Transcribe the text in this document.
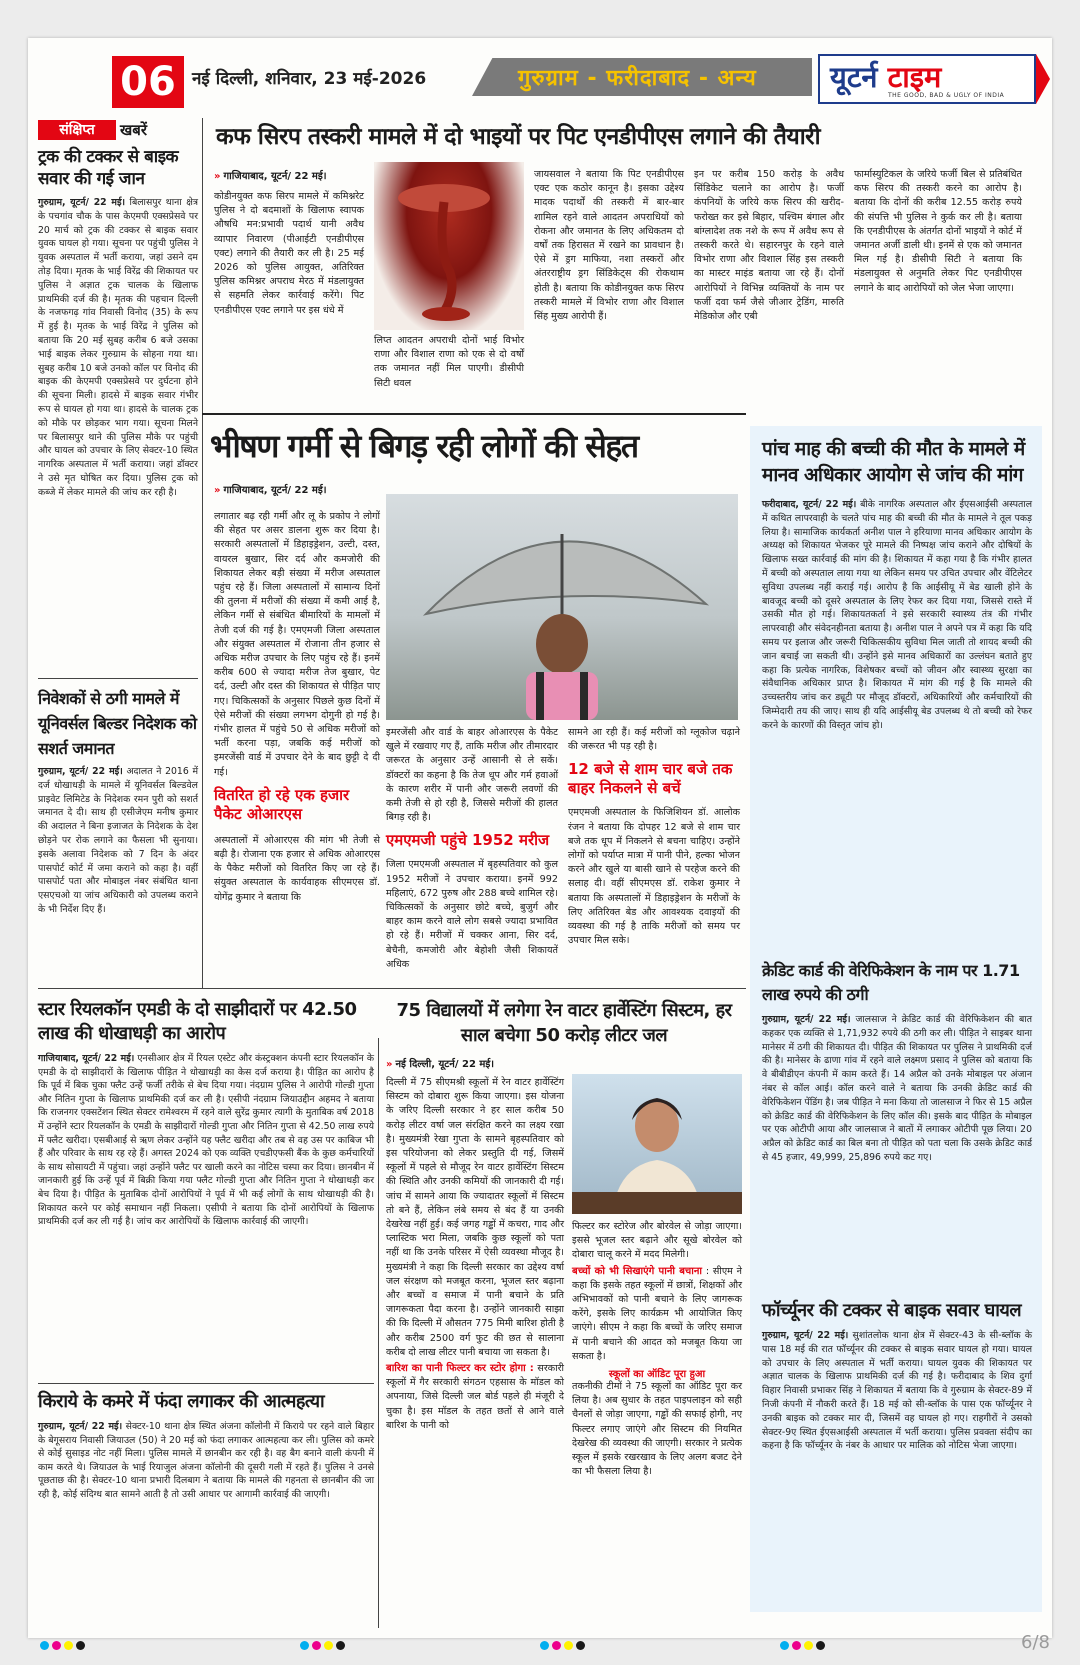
06 नई दिल्ली, शनिवार, 23 मई-2026	गुरुग्राम - फरीदाबाद - अन्य	यूटर्न टाइम
THE GOOD, BAD & UGLY OF INDIA
संक्षिप्त	खबरें
ट्रक की टक्कर से बाइक सवार की गई जान

गुरुग्राम, यूटर्न/ 22 मई। बिलासपुर थाना क्षेत्र के पचगांव चौक के पास केएमपी एक्सप्रेसवे पर 20 मार्च को ट्रक की टक्कर से बाइक सवार युवक घायल हो गया। सूचना पर पहुंची पुलिस ने युवक अस्पताल में भर्ती कराया, जहां उसने दम तोड़ दिया। मृतक के भाई विरेंद्र की शिकायत पर पुलिस ने अज्ञात ट्रक चालक के खिलाफ प्राथमिकी दर्ज की है। मृतक की पहचान दिल्ली के नजफगढ़ गांव निवासी विनोद (35) के रूप में हुई है। मृतक के भाई विरेंद्र ने पुलिस को बताया कि 20 मई सुबह करीब 6 बजे उसका भाई बाइक लेकर गुरुग्राम के सोहना गया था। सुबह करीब 10 बजे उनको कॉल पर विनोद की बाइक की केएमपी एक्सप्रेसवे पर दुर्घटना होने की सूचना मिली। हादसे में बाइक सवार गंभीर रूप से घायल हो गया था। हादसे के चालक ट्रक को मौके पर छोड़कर भाग गया। सूचना मिलने पर बिलासपुर थाने की पुलिस मौके पर पहुंची और घायल को उपचार के लिए सेक्टर-10 स्थित नागरिक अस्पताल में भर्ती कराया। जहां डॉक्टर ने उसे मृत घोषित कर दिया। पुलिस ट्रक को कब्जे में लेकर मामले की जांच कर रही है।

निवेशकों से ठगी मामले में यूनिवर्सल बिल्डर निदेशक को सशर्त जमानत

गुरुग्राम, यूटर्न/ 22 मई। अदालत ने 2016 में दर्ज धोखाधड़ी के मामले में यूनिवर्सल बिल्डवेल प्राइवेट लिमिटेड के निदेशक रमन पुरी को सशर्त जमानत दे दी। साथ ही एसीजेएम मनीष कुमार की अदालत ने बिना इजाजत के निदेशक के देश छोड़ने पर रोक लगाने का फैसला भी सुनाया। इसके अलावा निदेशक को 7 दिन के अंदर पासपोर्ट कोर्ट में जमा कराने को कहा है। वहीं पासपोर्ट पता और मोबाइल नंबर संबंधित थाना एसएचओ या जांच अधिकारी को उपलब्ध कराने के भी निर्देश दिए हैं।

कफ सिरप तस्करी मामले में दो भाइयों पर पिट एनडीपीएस लगाने की तैयारी
» गाजियाबाद, यूटर्न/ 22 मई।

कोडीनयुक्त कफ सिरप मामले में कमिश्नरेट पुलिस ने दो बदमाशों के खिलाफ स्वापक औषधि मन:प्रभावी पदार्थ यानी अवैध व्यापार निवारण (पीआईटी एनडीपीएस एक्ट) लगाने की तैयारी कर ली है। 25 मई 2026 को पुलिस आयुक्त, अतिरिक्त पुलिस कमिश्नर अपराध मेरठ में मंडलायुक्त से सहमति लेकर कार्रवाई करेंगे। पिट एनडीपीएस एक्ट लगाने पर इस धंधे में

लिप्त आदतन अपराधी दोनों भाई विभोर राणा और विशाल राणा को एक से दो वर्षों तक जमानत नहीं मिल पाएगी। डीसीपी सिटी धवल

जायसवाल ने बताया कि पिट एनडीपीएस एक्ट एक कठोर कानून है। इसका उद्देश्य मादक पदार्थों की तस्करी में बार-बार शामिल रहने वाले आदतन अपराधियों को रोकना और जमानत के लिए अधिकतम दो वर्षों तक हिरासत में रखने का प्रावधान है। ऐसे में ड्रग माफिया, नशा तस्करों और अंतरराष्ट्रीय ड्रग सिंडिकेट्स की रोकथाम होती है। बताया कि कोडीनयुक्त कफ सिरप तस्करी मामले में विभोर राणा और विशाल सिंह मुख्य आरोपी हैं।

इन पर करीब 150 करोड़ के अवैध सिंडिकेट चलाने का आरोप है। फर्जी कंपनियों के जरिये कफ सिरप की खरीद-फरोख्त कर इसे बिहार, पश्चिम बंगाल और बांग्लादेश तक नशे के रूप में अवैध रूप से तस्करी करते थे। सहारनपुर के रहने वाले विभोर राणा और विशाल सिंह इस तस्करी का मास्टर माइंड बताया जा रहे हैं। दोनों आरोपियों ने विभिन्न व्यक्तियों के नाम पर फर्जी दवा फर्म जैसे जीआर ट्रेडिंग, मारुति मेडिकोज और एबी

फार्मास्युटिकल के जरिये फर्जी बिल से प्रतिबंधित कफ सिरप की तस्करी करने का आरोप है। बताया कि दोनों की करीब 12.55 करोड़ रुपये की संपत्ति भी पुलिस ने कुर्क कर ली है। बताया कि एनडीपीएस के अंतर्गत दोनों भाइयों ने कोर्ट में जमानत अर्जी डाली थी। इनमें से एक को जमानत मिल गई है। डीसीपी सिटी ने बताया कि मंडलायुक्त से अनुमति लेकर पिट एनडीपीएस लगाने के बाद आरोपियों को जेल भेजा जाएगा।

भीषण गर्मी से बिगड़ रही लोगों की सेहत
» गाजियाबाद, यूटर्न/ 22 मई।

लगातार बढ़ रही गर्मी और लू के प्रकोप ने लोगों की सेहत पर असर डालना शुरू कर दिया है। सरकारी अस्पतालों में डिहाइड्रेशन, उल्टी, दस्त, वायरल बुखार, सिर दर्द और कमजोरी की शिकायत लेकर बड़ी संख्या में मरीज अस्पताल पहुंच रहे हैं। जिला अस्पतालों में सामान्य दिनों की तुलना में मरीजों की संख्या में कमी आई है, लेकिन गर्मी से संबंधित बीमारियों के मामलों में तेजी दर्ज की गई है। एमएमजी जिला अस्पताल और संयुक्त अस्पताल में रोजाना तीन हजार से अधिक मरीज उपचार के लिए पहुंच रहे हैं। इनमें करीब 600 से ज्यादा मरीज तेज बुखार, पेट दर्द, उल्टी और दस्त की शिकायत से पीड़ित पाए गए। चिकित्सकों के अनुसार पिछले कुछ दिनों में ऐसे मरीजों की संख्या लगभग दोगुनी हो गई है। गंभीर हालत में पहुंचे 50 से अधिक मरीजों को भर्ती करना पड़ा, जबकि कई मरीजों को इमरजेंसी वार्ड में उपचार देने के बाद छुट्टी दे दी गई।

वितरित हो रहे एक हजार पैकेट ओआरएस

अस्पतालों में ओआरएस की मांग भी तेजी से बढ़ी है। रोजाना एक हजार से अधिक ओआरएस के पैकेट मरीजों को वितरित किए जा रहे हैं। संयुक्त अस्पताल के कार्यवाहक सीएमएस डॉ. योगेंद्र कुमार ने बताया कि

इमरजेंसी और वार्ड के बाहर ओआरएस के पैकेट खुले में रखवाए गए हैं, ताकि मरीज और तीमारदार जरूरत के अनुसार उन्हें आसानी से ले सकें। डॉक्टरों का कहना है कि तेज धूप और गर्म हवाओं के कारण शरीर में पानी और जरूरी लवणों की कमी तेजी से हो रही है, जिससे मरीजों की हालत बिगड़ रही है।

एमएमजी पहुंचे 1952 मरीज

जिला एमएमजी अस्पताल में बृहस्पतिवार को कुल 1952 मरीजों ने उपचार कराया। इनमें 992 महिलाएं, 672 पुरुष और 288 बच्चे शामिल रहे। चिकित्सकों के अनुसार छोटे बच्चे, बुजुर्ग और बाहर काम करने वाले लोग सबसे ज्यादा प्रभावित हो रहे हैं। मरीजों में चक्कर आना, सिर दर्द, बेचैनी, कमजोरी और बेहोशी जैसी शिकायतें अधिक

सामने आ रही हैं। कई मरीजों को ग्लूकोज चढ़ाने की जरूरत भी पड़ रही है।

12 बजे से शाम चार बजे तक बाहर निकलने से बचें

एमएमजी अस्पताल के फिजिशियन डॉ. आलोक रंजन ने बताया कि दोपहर 12 बजे से शाम चार बजे तक धूप में निकलने से बचना चाहिए। उन्होंने लोगों को पर्याप्त मात्रा में पानी पीने, हल्का भोजन करने और खुले या बासी खाने से परहेज करने की सलाह दी। वहीं सीएमएस डॉ. राकेश कुमार ने बताया कि अस्पतालों में डिहाइड्रेशन के मरीजों के लिए अतिरिक्त बेड और आवश्यक दवाइयों की व्यवस्था की गई है ताकि मरीजों को समय पर उपचार मिल सके।

पांच माह की बच्ची की मौत के मामले में मानव अधिकार आयोग से जांच की मांग

फरीदाबाद, यूटर्न/ 22 मई। बीके नागरिक अस्पताल और ईएसआईसी अस्पताल में कथित लापरवाही के चलते पांच माह की बच्ची की मौत के मामले ने तूल पकड़ लिया है। सामाजिक कार्यकर्ता अनीश पाल ने हरियाणा मानव अधिकार आयोग के अध्यक्ष को शिकायत भेजकर पूरे मामले की निष्पक्ष जांच कराने और दोषियों के खिलाफ सख्त कार्रवाई की मांग की है। शिकायत में कहा गया है कि गंभीर हालत में बच्ची को अस्पताल लाया गया था लेकिन समय पर उचित उपचार और वेंटिलेटर सुविधा उपलब्ध नहीं कराई गई। आरोप है कि आईसीयू में बेड खाली होने के बावजूद बच्ची को दूसरे अस्पताल के लिए रेफर कर दिया गया, जिससे रास्ते में उसकी मौत हो गई। शिकायतकर्ता ने इसे सरकारी स्वास्थ्य तंत्र की गंभीर लापरवाही और संवेदनहीनता बताया है। अनीश पाल ने अपने पत्र में कहा कि यदि समय पर इलाज और जरूरी चिकित्सकीय सुविधा मिल जाती तो शायद बच्ची की जान बचाई जा सकती थी। उन्होंने इसे मानव अधिकारों का उल्लंघन बताते हुए कहा कि प्रत्येक नागरिक, विशेषकर बच्चों को जीवन और स्वास्थ्य सुरक्षा का संवैधानिक अधिकार प्राप्त है। शिकायत में मांग की गई है कि मामले की उच्चस्तरीय जांच कर ड्यूटी पर मौजूद डॉक्टरों, अधिकारियों और कर्मचारियों की जिम्मेदारी तय की जाए। साथ ही यदि आईसीयू बेड उपलब्ध थे तो बच्ची को रेफर करने के कारणों की विस्तृत जांच हो।

क्रेडिट कार्ड की वेरिफिकेशन के नाम पर 1.71 लाख रुपये की ठगी

गुरुग्राम, यूटर्न/ 22 मई। जालसाज ने क्रेडिट कार्ड की वेरिफिकेशन की बात कहकर एक व्यक्ति से 1,71,932 रुपये की ठगी कर ली। पीड़ित ने साइबर थाना मानेसर में ठगी की शिकायत दी। पीड़ित की शिकायत पर पुलिस ने प्राथमिकी दर्ज की है। मानेसर के ढाणा गांव में रहने वाले लक्ष्मण प्रसाद ने पुलिस को बताया कि वे बीबीडीएन कंपनी में काम करते हैं। 14 अप्रैल को उनके मोबाइल पर अंजान नंबर से कॉल आई। कॉल करने वाले ने बताया कि उनकी क्रेडिट कार्ड की वेरिफिकेशन पेंडिंग है। जब पीड़ित ने मना किया तो जालसाज ने फिर से 15 अप्रैल को क्रेडिट कार्ड की वेरिफिकेशन के लिए कॉल की। इसके बाद पीड़ित के मोबाइल पर एक ओटीपी आया और जालसाज ने बातों में लगाकर ओटीपी पूछ लिया। 20 अप्रैल को क्रेडिट कार्ड का बिल बना तो पीड़ित को पता चला कि उसके क्रेडिट कार्ड से 45 हजार, 49,999, 25,896 रुपये कट गए।

फॉर्च्यूनर की टक्कर से बाइक सवार घायल

गुरुग्राम, यूटर्न/ 22 मई। सुशांतलोक थाना क्षेत्र में सेक्टर-43 के सी-ब्लॉक के पास 18 मई की रात फॉर्च्यूनर की टक्कर से बाइक सवार घायल हो गया। घायल को उपचार के लिए अस्पताल में भर्ती कराया। घायल युवक की शिकायत पर अज्ञात चालक के खिलाफ प्राथमिकी दर्ज की गई है। फरीदाबाद के शिव दुर्गा विहार निवासी प्रभाकर सिंह ने शिकायत में बताया कि वे गुरुग्राम के सेक्टर-89 में निजी कंपनी में नौकरी करते हैं। 18 मई को सी-ब्लॉक के पास एक फॉर्च्यूनर ने उनकी बाइक को टक्कर मार दी, जिसमें वह घायल हो गए। राहगीरों ने उसको सेक्टर-9ए स्थित ईएसआईसी अस्पताल में भर्ती कराया। पुलिस प्रवक्ता संदीप का कहना है कि फॉर्च्यूनर के नंबर के आधार पर मालिक को नोटिस भेजा जाएगा।

स्टार रियलकॉन एमडी के दो साझीदारों पर 42.50 लाख की धोखाधड़ी का आरोप

गाजियाबाद, यूटर्न/ 22 मई। एनसीआर क्षेत्र में रियल एस्टेट और कंस्ट्रक्शन कंपनी स्टार रियलकॉन के एमडी के दो साझीदारों के खिलाफ पीड़ित ने धोखाधड़ी का केस दर्ज कराया है। पीड़ित का आरोप है कि पूर्व में बिक चुका फ्लैट उन्हें फर्जी तरीके से बेच दिया गया। नंदग्राम पुलिस ने आरोपी गोल्डी गुप्ता और नितिन गुप्ता के खिलाफ प्राथमिकी दर्ज कर ली है। एसीपी नंदग्राम जियाउद्दीन अहमद ने बताया कि राजनगर एक्सटेंशन स्थित सेक्टर रामेश्वरम में रहने वाले सुरेंद्र कुमार त्यागी के मुताबिक वर्ष 2018 में उन्होंने स्टार रियलकॉन के एमडी के साझीदारों गोल्डी गुप्ता और नितिन गुप्ता से 42.50 लाख रुपये में फ्लैट खरीदा। एसबीआई से ऋण लेकर उन्होंने यह फ्लैट खरीदा और तब से वह उस पर काबिज भी हैं और परिवार के साथ रह रहे हैं। अगस्त 2024 को एक व्यक्ति एचडीएफसी बैंक के कुछ कर्मचारियों के साथ सोसायटी में पहुंचा। जहां उन्होंने फ्लैट पर खाली करने का नोटिस चस्पा कर दिया। छानबीन में जानकारी हुई कि उन्हें पूर्व में बिक्री किया गया फ्लैट गोल्डी गुप्ता और नितिन गुप्ता ने धोखाधड़ी कर बेच दिया है। पीड़ित के मुताबिक दोनों आरोपियों ने पूर्व में भी कई लोगों के साथ धोखाधड़ी की है। शिकायत करने पर कोई समाधान नहीं निकला। एसीपी ने बताया कि दोनों आरोपियों के खिलाफ प्राथमिकी दर्ज कर ली गई है। जांच कर आरोपियों के खिलाफ कार्रवाई की जाएगी।

किराये के कमरे में फंदा लगाकर की आत्महत्या

गुरुग्राम, यूटर्न/ 22 मई। सेक्टर-10 थाना क्षेत्र स्थित अंजना कॉलोनी में किराये पर रहने वाले बिहार के बेगूसराय निवासी जियाउल (50) ने 20 मई को फंदा लगाकर आत्महत्या कर ली। पुलिस को कमरे से कोई सुसाइड नोट नहीं मिला। पुलिस मामले में छानबीन कर रही है। वह बैग बनाने वाली कंपनी में काम करते थे। जियाउल के भाई रियाजुल अंजना कॉलोनी की दूसरी गली में रहते हैं। पुलिस ने उनसे पूछताछ की है। सेक्टर-10 थाना प्रभारी दिलबाग ने बताया कि मामले की गहनता से छानबीन की जा रही है, कोई संदिग्ध बात सामने आती है तो उसी आधार पर आगामी कार्रवाई की जाएगी।

75 विद्यालयों में लगेगा रेन वाटर हार्वेस्टिंग सिस्टम, हर साल बचेगा 50 करोड़ लीटर जल
» नई दिल्ली, यूटर्न/ 22 मई।

दिल्ली में 75 सीएमश्री स्कूलों में रेन वाटर हार्वेस्टिंग सिस्टम को दोबारा शुरू किया जाएगा। इस योजना के जरिए दिल्ली सरकार ने हर साल करीब 50 करोड़ लीटर वर्षा जल संरक्षित करने का लक्ष्य रखा है। मुख्यमंत्री रेखा गुप्ता के सामने बृहस्पतिवार को इस परियोजना को लेकर प्रस्तुति दी गई, जिसमें स्कूलों में पहले से मौजूद रेन वाटर हार्वेस्टिंग सिस्टम की स्थिति और उनकी कमियों की जानकारी दी गई। जांच में सामने आया कि ज्यादातर स्कूलों में सिस्टम तो बने हैं, लेकिन लंबे समय से बंद हैं या उनकी देखरेख नहीं हुई। कई जगह गड्ढों में कचरा, गाद और प्लास्टिक भरा मिला, जबकि कुछ स्कूलों को पता नहीं था कि उनके परिसर में ऐसी व्यवस्था मौजूद है। मुख्यमंत्री ने कहा कि दिल्ली सरकार का उद्देश्य वर्षा जल संरक्षण को मजबूत करना, भूजल स्तर बढ़ाना और बच्चों व समाज में पानी बचाने के प्रति जागरूकता पैदा करना है। उन्होंने जानकारी साझा की कि दिल्ली में औसतन 775 मिमी बारिश होती है और करीब 2500 वर्ग फुट की छत से सालाना करीब दो लाख लीटर पानी बचाया जा सकता है।

बारिश का पानी फिल्टर कर स्टोर होगा : सरकारी स्कूलों में गैर सरकारी संगठन एहसास के मॉडल को अपनाया, जिसे दिल्ली जल बोर्ड पहले ही मंजूरी दे चुका है। इस मॉडल के तहत छतों से आने वाले बारिश के पानी को

फिल्टर कर स्टोरेज और बोरवेल से जोड़ा जाएगा। इससे भूजल स्तर बढ़ाने और सूखे बोरवेल को दोबारा चालू करने में मदद मिलेगी।

बच्चों को भी सिखाएंगे पानी बचाना : सीएम ने कहा कि इसके तहत स्कूलों में छात्रों, शिक्षकों और अभिभावकों को पानी बचाने के लिए जागरूक करेंगे, इसके लिए कार्यक्रम भी आयोजित किए जाएंगे। सीएम ने कहा कि बच्चों के जरिए समाज में पानी बचाने की आदत को मजबूत किया जा सकता है।

स्कूलों का ऑडिट पूरा हुआ

तकनीकी टीमों ने 75 स्कूलों का ऑडिट पूरा कर लिया है। अब सुधार के तहत पाइपलाइन को सही चैनलों से जोड़ा जाएगा, गड्ढों की सफाई होगी, नए फिल्टर लगाए जाएंगे और सिस्टम की नियमित देखरेख की व्यवस्था की जाएगी। सरकार ने प्रत्येक स्कूल में इसके रखरखाव के लिए अलग बजट देने का भी फैसला लिया है।

6/8
